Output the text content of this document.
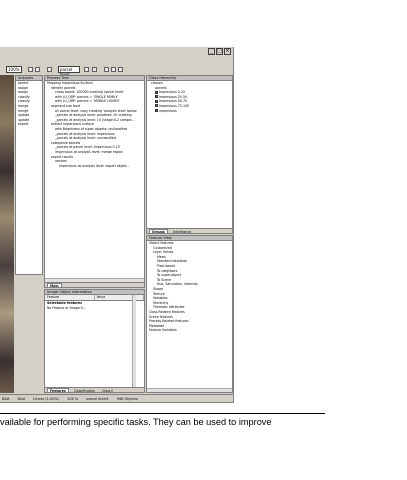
_ □ ×
100%	parcel
Snippets
parent
assign
assign
classify
classify
merge
merge
update
update
export
Process Tree
Mapping impervious Surface
identify parcels
chess board: 100000 creating 'parcel level'
with LU_QRP: parcels = 'SINGLE FAMILY'
with LU_QRP: parcels = 'MOBILE HOMES'
segment sub level
all parcel level: copy creating 'analysis level' below
_parcels at analysis level: quadtree: 20 creating
_parcels at analysis level: 10 [shape:0.2 compct...
extract impervious surface
with Brightness of super objects: unclassified
_parcels at analysis level: impervious
_parcels at analysis level: unclassified
categorize parcels
_parcels at parcel level: impervious 0-25
impervious at analysis level: merge region
export results
vectors
impervious at analysis level: export object...
Main
Class Hierarchy
classes
parcels
Impervious 0-25
Impervious 25-50
Impervious 50-75
Impervious 75-100
impervious
Groups	Inheritance
Image Object Information
Feature	Value
Selectable features
No Feature or Image O...
Features	Classification Class E
Feature View
Object features
Customized
Layer Values
Mean
Standard deviation
Pixel-based
To-neighbors
To super-object
To Scene
Hue, Saturation, Intensity
Shape
Texture
Variables
Hierarchy
Thematic attributes
Class-Related features
Scene features
Process-Related features
Metadata
Feature Variables
B&B Blue Linear (1.00%) 100 % parcel level1 998 Objects
vailable for performing specific tasks. They can be used to improve
